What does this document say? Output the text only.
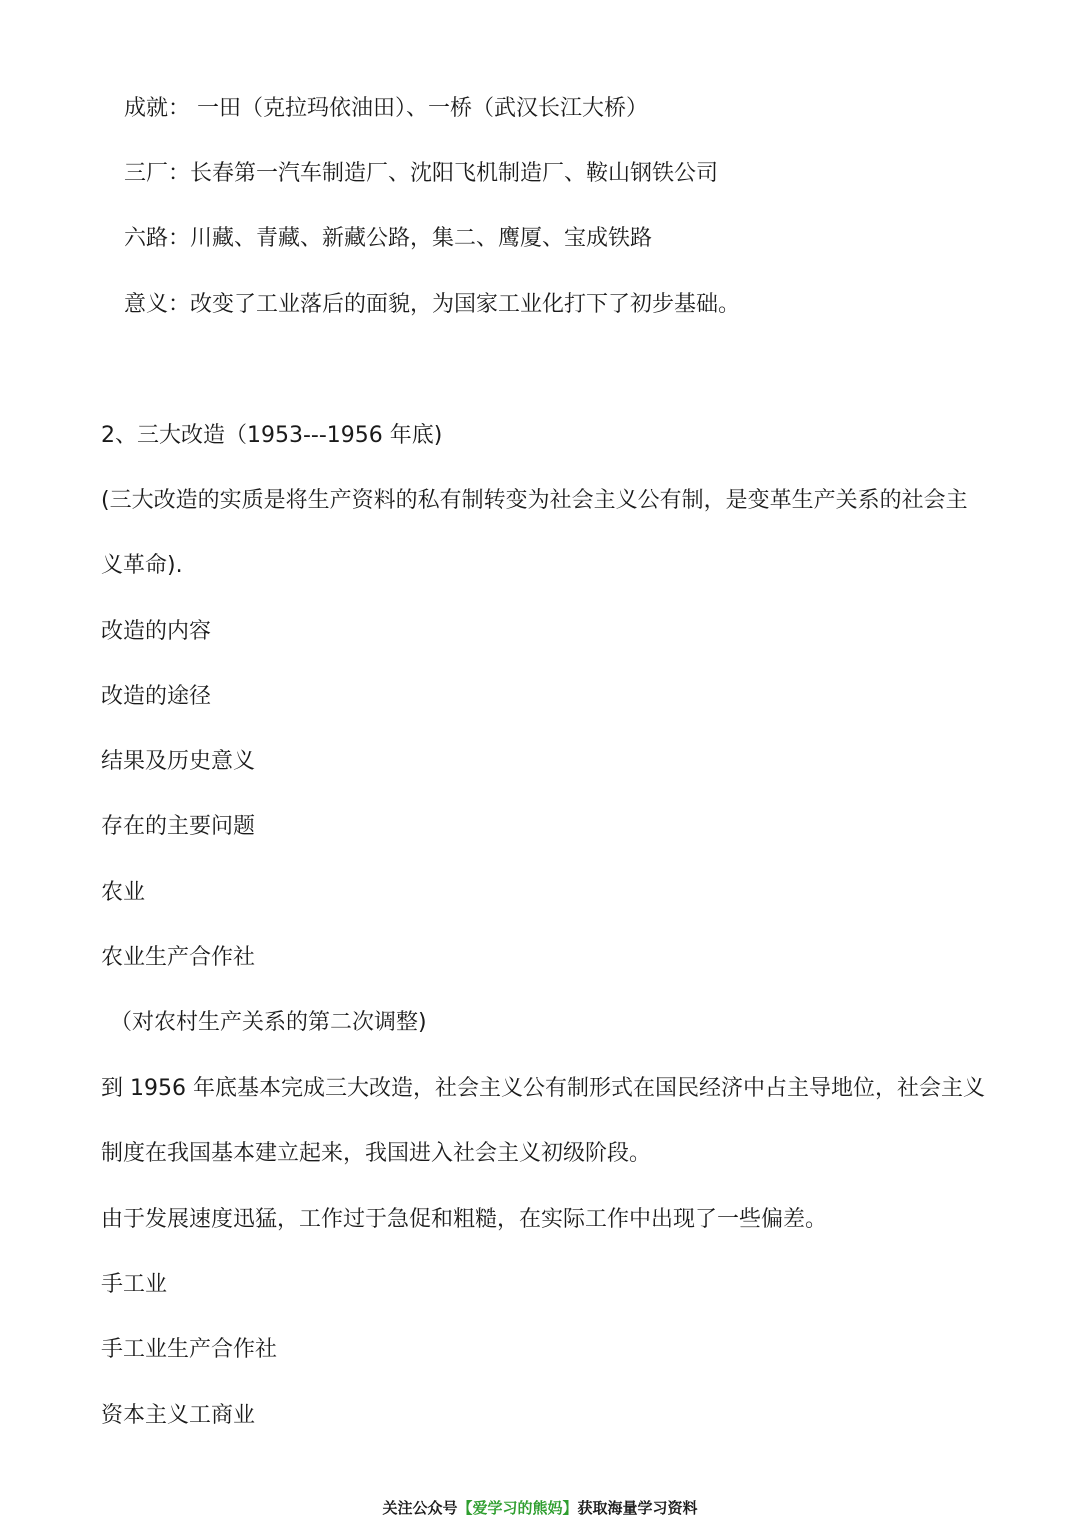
成就： 一田（克拉玛依油田）、一桥（武汉长江大桥）
三厂：长春第一汽车制造厂、沈阳飞机制造厂、鞍山钢铁公司
六路：川藏、青藏、新藏公路，集二、鹰厦、宝成铁路
意义：改变了工业落后的面貌，为国家工业化打下了初步基础。
2、三大改造（1953---1956 年底)
(三大改造的实质是将生产资料的私有制转变为社会主义公有制，是变革生产关系的社会主
义革命).
改造的内容
改造的途径
结果及历史意义
存在的主要问题
农业
农业生产合作社
（对农村生产关系的第二次调整)
到 1956 年底基本完成三大改造，社会主义公有制形式在国民经济中占主导地位，社会主义
制度在我国基本建立起来，我国进入社会主义初级阶段。
由于发展速度迅猛，工作过于急促和粗糙，在实际工作中出现了一些偏差。
手工业
手工业生产合作社
资本主义工商业
关注公众号【爱学习的熊妈】获取海量学习资料
